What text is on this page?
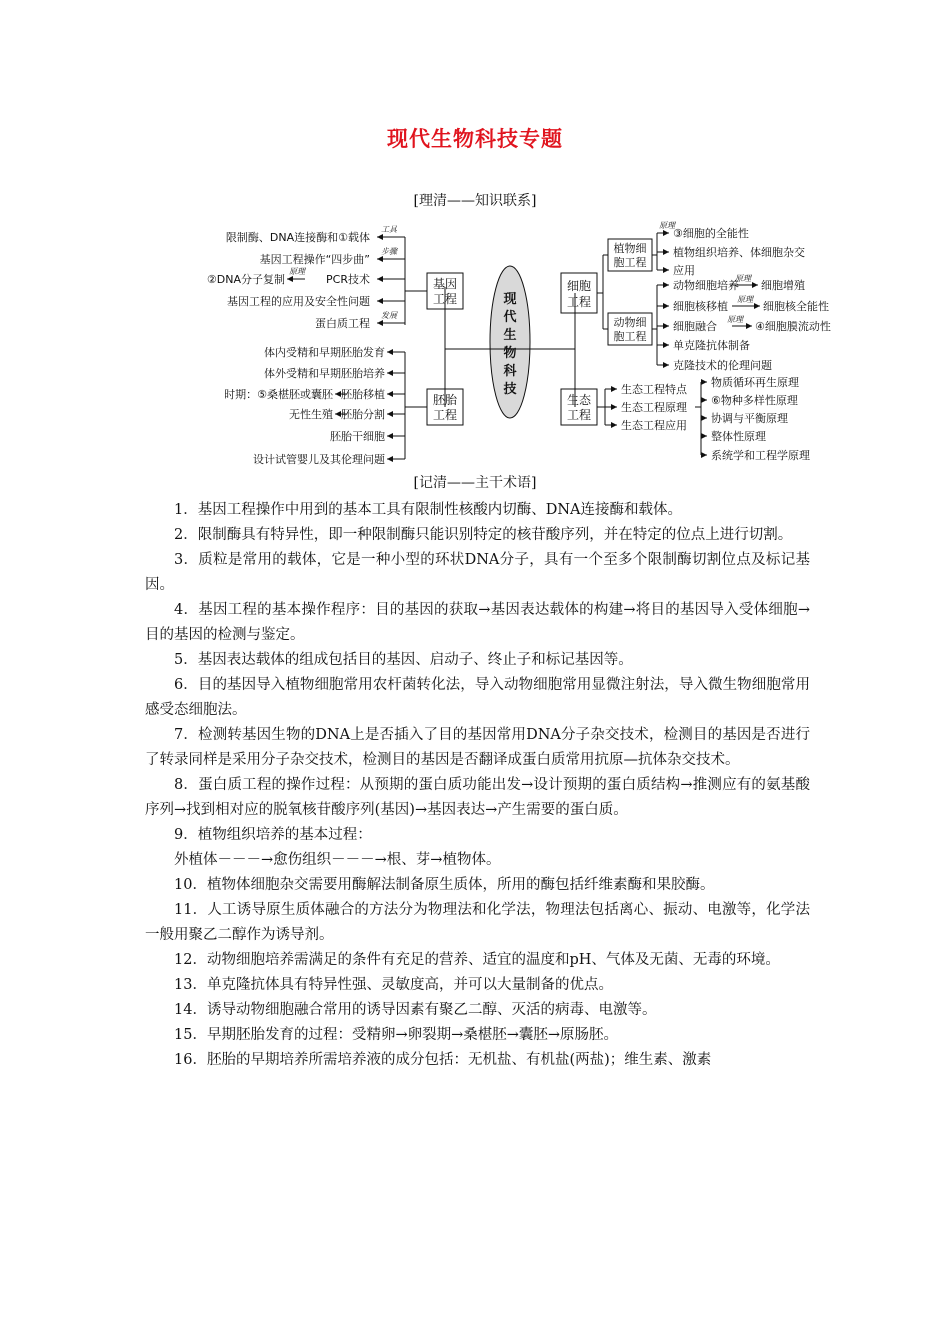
现代生物科技专题
[理清——知识联系]
现
代
生
物
科
技
基因
工程
胚胎
工程
细胞
工程
生态
工程
植物细
胞工程
动物细
胞工程
限制酶、DNA连接酶和①载体
基因工程操作“四步曲”
②DNA分子复制	PCR技术
基因工程的应用及安全性问题
蛋白质工程
工具
步骤
原理
发展
体内受精和早期胚胎发育
体外受精和早期胚胎培养
时期：⑤桑椹胚或囊胚 胚胎移植
无性生殖 胚胎分割
胚胎干细胞
设计试管婴儿及其伦理问题
③细胞的全能性
植物组织培养、体细胞杂交
应用
动物细胞培养 细胞增殖
细胞核移植	细胞核全能性
细胞融合	④细胞膜流动性
单克隆抗体制备
克隆技术的伦理问题
原理
原理
原理
原理
生态工程特点
生态工程原理
生态工程应用
物质循环再生原理
⑥物种多样性原理
协调与平衡原理
整体性原理
系统学和工程学原理
[记清——主干术语]

1．基因工程操作中用到的基本工具有限制性核酸内切酶、DNA连接酶和载体。

2．限制酶具有特异性，即一种限制酶只能识别特定的核苷酸序列，并在特定的位点上进行切割。

3．质粒是常用的载体，它是一种小型的环状DNA分子，具有一个至多个限制酶切割位点及标记基因。

4．基因工程的基本操作程序：目的基因的获取→基因表达载体的构建→将目的基因导入受体细胞→目的基因的检测与鉴定。

5．基因表达载体的组成包括目的基因、启动子、终止子和标记基因等。

6．目的基因导入植物细胞常用农杆菌转化法，导入动物细胞常用显微注射法，导入微生物细胞常用感受态细胞法。

7．检测转基因生物的DNA上是否插入了目的基因常用DNA分子杂交技术，检测目的基因是否进行了转录同样是采用分子杂交技术，检测目的基因是否翻译成蛋白质常用抗原—抗体杂交技术。

8．蛋白质工程的操作过程：从预期的蛋白质功能出发→设计预期的蛋白质结构→推测应有的氨基酸序列→找到相对应的脱氧核苷酸序列(基因)→基因表达→产生需要的蛋白质。

9．植物组织培养的基本过程：

外植体－－－→愈伤组织－－－→根、芽→植物体。

10．植物体细胞杂交需要用酶解法制备原生质体，所用的酶包括纤维素酶和果胶酶。

11．人工诱导原生质体融合的方法分为物理法和化学法，物理法包括离心、振动、电激等，化学法一般用聚乙二醇作为诱导剂。

12．动物细胞培养需满足的条件有充足的营养、适宜的温度和pH、气体及无菌、无毒的环境。

13．单克隆抗体具有特异性强、灵敏度高，并可以大量制备的优点。

14．诱导动物细胞融合常用的诱导因素有聚乙二醇、灭活的病毒、电激等。

15．早期胚胎发育的过程：受精卵→卵裂期→桑椹胚→囊胚→原肠胚。

16．胚胎的早期培养所需培养液的成分包括：无机盐、有机盐(两盐)；维生素、激素
